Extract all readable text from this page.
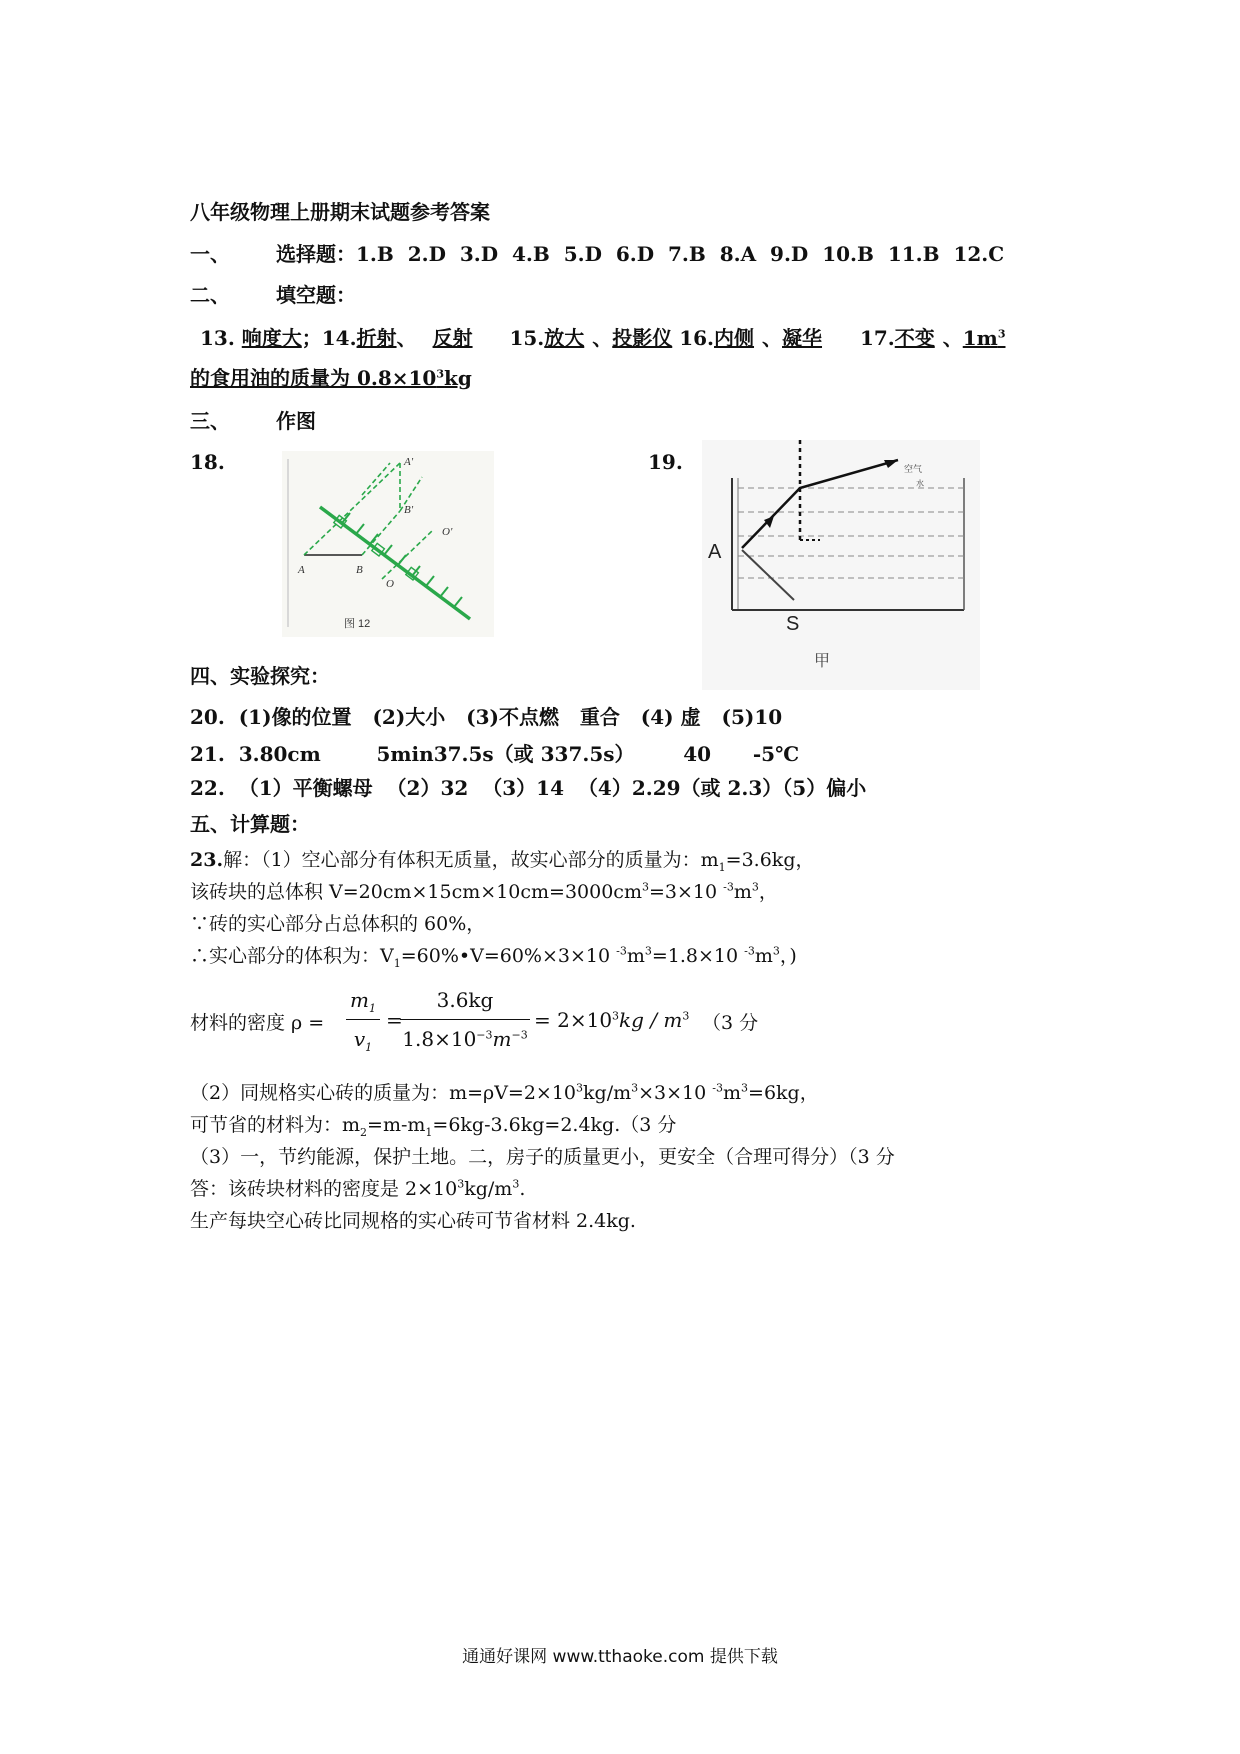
八年级物理上册期末试题参考答案
一、 选择题：1.B  2.D  3.D  4.B  5.D  6.D  7.B  8.A  9.D  10.B  11.B  12.C
二、 填空题：
13. 响度大；14.折射、 反射 15.放大 、投影仪 16.内侧 、凝华 17.不变 、$1m^3$
的食用油的质量为 $0.8\times 10^3kg$
三、 作图
18.	19.
A	B
A'
B'
O
O'
图 12
A
S
空气
水
甲
四、实验探究：
20.  (1)像的位置   (2)大小   (3)不点燃   重合   (4) 虚   (5)10
21.  3.80cm        5min37.5s（或 337.5s）       40      -5℃
22.  （1）平衡螺母  （2）32  （3）14  （4）2.29（或 2.3）（5）偏小
五、计算题：
23.解：（1）空心部分有体积无质量，故实心部分的质量为：$m_1=3.6kg$，
该砖块的总体积 $V=20cm\times 15cm\times 10cm=3000cm^3=3\times 10$ $^{-3}m^3$，
∵砖的实心部分占总体积的 60%，
∴实心部分的体积为：$V_1=60\%•V=60\%\times 3\times 10$ $^{-3}m^3=1.8\times 10$ $^{-3}m^3$，)
材料的密度 ρ =
$m_1$
$v_1$
=
3.6kg
$1.8\times 10^{-3}m^{-3}$
= $2\times 10^3kg / m^3$ （3 分
（2）同规格实心砖的质量为：$m=\rho V=2\times 10^3kg/m^3\times 3\times 10$ $^{-3}m^3=6kg$，
可节省的材料为：$m_2=m-m_1=6kg-3.6kg=2.4kg.(3$ 分
（3）一，节约能源，保护土地。二，房子的质量更小，更安全（合理可得分）（3 分
答：该砖块材料的密度是 $2\times 10^3kg/m^3$.
生产每块空心砖比同规格的实心砖可节省材料 2.4kg.
通通好课网 www.tthaoke.com 提供下载
